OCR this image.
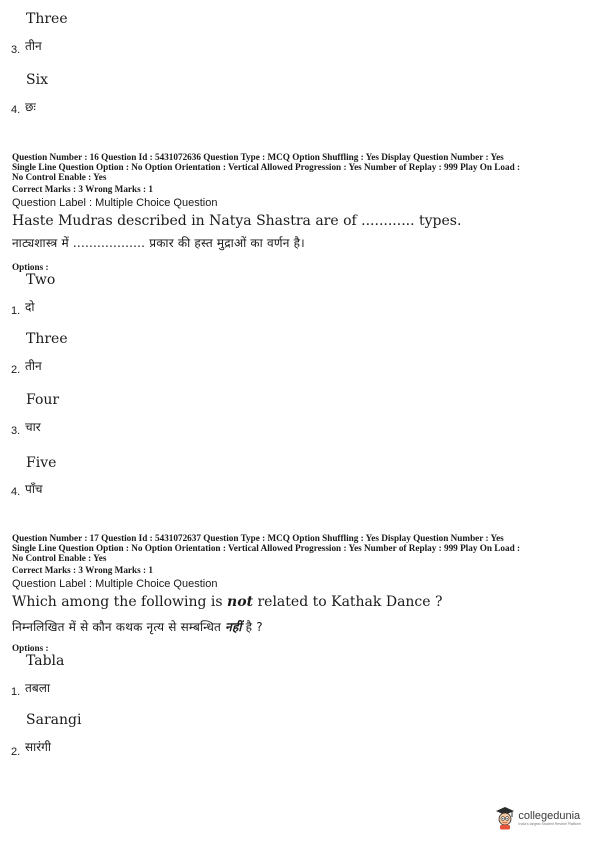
Three
3. तीन
Six
4. छः
Question Number : 16 Question Id : 5431072636 Question Type : MCQ Option Shuffling : Yes Display Question Number : Yes
Single Line Question Option : No Option Orientation : Vertical Allowed Progression : Yes Number of Replay : 999 Play On Load :
No Control Enable : Yes
Correct Marks : 3 Wrong Marks : 1
Question Label : Multiple Choice Question
Haste Mudras described in Natya Shastra are of ............ types.
नाट्यशास्त्र में .................. प्रकार की हस्त मुद्राओं का वर्णन है।
Options :
Two
1. दो
Three
2. तीन
Four
3. चार
Five
4. पाँच
Question Number : 17 Question Id : 5431072637 Question Type : MCQ Option Shuffling : Yes Display Question Number : Yes
Single Line Question Option : No Option Orientation : Vertical Allowed Progression : Yes Number of Replay : 999 Play On Load :
No Control Enable : Yes
Correct Marks : 3 Wrong Marks : 1
Question Label : Multiple Choice Question
Which among the following is not related to Kathak Dance ?
निम्नलिखित में से कौन कथक नृत्य से सम्बन्धित नहीं है ?
Options :
Tabla
1. तबला
Sarangi
2. सारंगी
collegedunia
India's largest Student Review Platform
